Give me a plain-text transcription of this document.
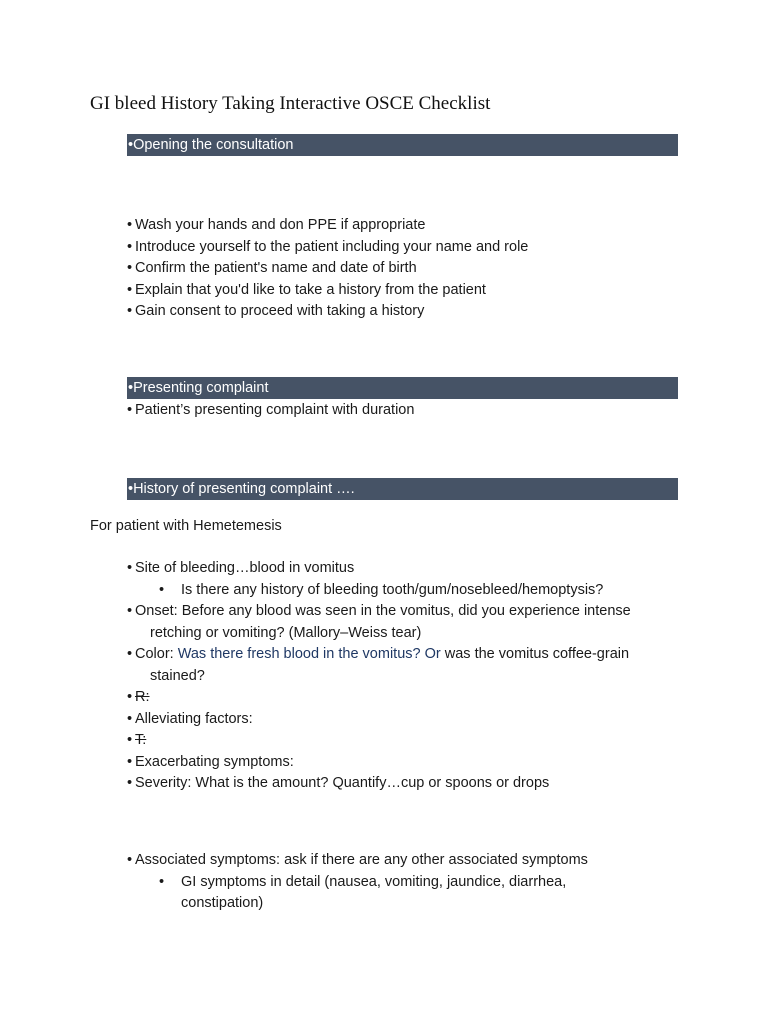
GI bleed History Taking Interactive OSCE Checklist
•Opening the consultation
• Wash your hands and don PPE if appropriate
• Introduce yourself to the patient including your name and role
• Confirm the patient's name and date of birth
• Explain that you'd like to take a history from the patient
• Gain consent to proceed with taking a history
•Presenting complaint
• Patient’s presenting complaint with duration
•History of presenting complaint ….
For patient with Hemetemesis
• Site of bleeding…blood in vomitus
• Is there any history of bleeding tooth/gum/nosebleed/hemoptysis?
• Onset: Before any blood was seen in the vomitus, did you experience intense
retching or vomiting? (Mallory–Weiss tear)
• Color: Was there fresh blood in the vomitus? Or was the vomitus coffee-grain
stained?
• R:
• Alleviating factors:
• T:
• Exacerbating symptoms:
• Severity: What is the amount? Quantify…cup or spoons or drops
• Associated symptoms: ask if there are any other associated symptoms
• GI symptoms in detail (nausea, vomiting, jaundice, diarrhea,
constipation)
